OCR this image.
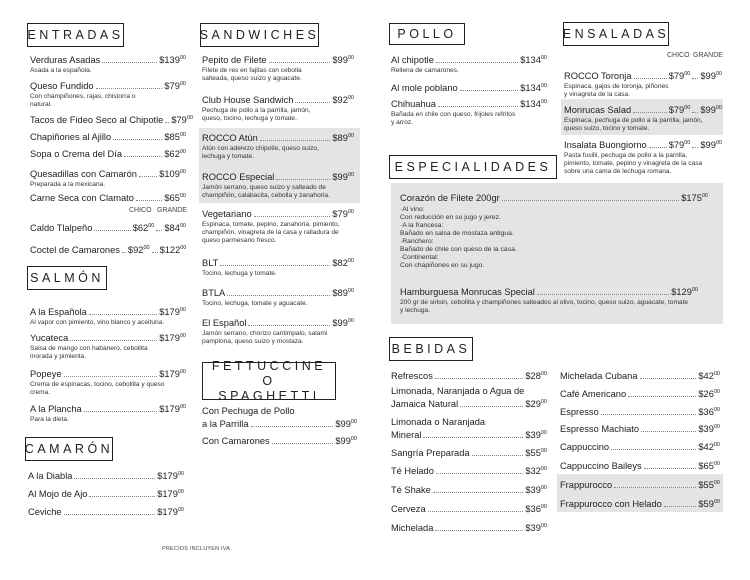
ENTRADAS
Verduras Asadas	$\$139^{00}$
Asada a la española.
Queso Fundido	$\$79^{00}$
Con champiñones, rajas, chistorra o natural.
Tacos de Fideo Seco al Chipotle $\$79^{00}$
Chapiñones al Ajillo	$\$85^{00}$
Sopa o Crema del Día	$\$62^{00}$
Quesadillas con Camarón $\$109^{00}$
Preparada a la mexicana.
Carne Seca con Clamato	$\$65^{00}$
CHICO GRANDE
Caldo Tlalpeño	$\$62^{00}$ $\$84^{00}$
Coctel de Camarones $\$92^{00}$ $\$122^{00}$
SALMÓN
A la Española	$\$179^{00}$
Al vapor con pimiento, vino blanco y aceituna.
Yucateca	$\$179^{00}$
Salsa de mango con habanero, cebollita morada y pimienta.
Popeye	$\$179^{00}$
Crema de espinacas, tocino, cebollita y queso crema.
A la Plancha	$\$179^{00}$
Para la dieta.
CAMARÓN
A la Diabla	$\$179^{00}$
Al Mojo de Ajo	$\$179^{00}$
Ceviche	$\$179^{00}$
PRECIOS INCLUYEN IVA
SANDWICHES
Pepito de Filete	$\$99^{00}$
Filete de res en fajitas con cebolla salteada, queso suizo y aguacate.
Club House Sandwich	$\$92^{00}$
Pechuga de pollo a la parrilla, jamón, queso, tocino, lechuga y tomate.
ROCCO Atún	$\$89^{00}$
Atún con aderezo chipotle, queso suizo, lechuga y tomate.
ROCCO Especial	$\$99^{00}$
Jamón serrano, queso suizo y salteado de champiñón, calabacita, cebolla y zanahoria.
Vegetariano	$\$79^{00}$
Espinaca, tomate, pepino, zanahoria, pimiento, champiñón, vinagreta de la casa y ralladura de queso parmesano fresco.
BLT	$\$82^{00}$
Tocino, lechuga y tomate.
BTLA	$\$89^{00}$
Tocino, lechuga, tomate y aguacate.
El Español	$\$99^{00}$
Jamón serrano, chorizo cantimpalo, salami pamplona, queso suizo y mostaza.
FETTUCCINE O SPAGHETTI
Con Pechuga de Pollo
a la Parrilla	$\$99^{00}$
Con Camarones	$\$99^{00}$
POLLO
Al chipotle	$\$134^{00}$
Rellena de camarones.
Al mole poblano	$\$134^{00}$
Chihuahua	$\$134^{00}$
Bañada en chile con queso, frijoles refritos y arroz.
ENSALADAS
CHICO GRANDE
ROCCO Toronja	$\$79^{00}$ $\$99^{00}$
Espinaca, gajos de toronja, piñones y vinagreta de la casa.
Monrucas Salad	$\$79^{00}$ $\$99^{00}$
Espinaca, pechuga de pollo a la parrilla, jamón, queso suizo, tocino y tomate.
Insalata Buongiorno $\$79^{00}$ $\$99^{00}$
Pasta fusilli, pechuga de pollo a la parrilla, pimiento, tomate, pepino y vinagreta de la casa sobre una cama de lechuga romana.
ESPECIALIDADES
Corazón de Filete 200gr	$\$175^{00}$
·Al vino:
Con reducción en su jugo y jerez.
·A la francesa:
Bañado en salsa de mostaza antigua.
·Ranchero:
Bañado de chile con queso de la casa.
·Continental:
Con chapiñones en su jugo.
Hamburguesa Monrucas Special	$\$129^{00}$
200 gr de sirloin, cebollita y champiñones salteados al olivo, tocino, queso suizo, aguacate, tomate y lechuga.
BEBIDAS
Refrescos	$\$28^{00}$
Limonada, Naranjada o Agua de
Jamaica Natural	$\$29^{00}$
Limonada o Naranjada
Mineral	$\$39^{00}$
Sangría Preparada	$\$55^{00}$
Té Helado	$\$32^{00}$
Té Shake	$\$39^{00}$
Cerveza	$\$36^{00}$
Michelada	$\$39^{00}$
Michelada Cubana	$\$42^{00}$
Café Americano	$\$26^{00}$
Espresso	$\$36^{00}$
Espresso Machiato	$\$39^{00}$
Cappuccino	$\$42^{00}$
Cappuccino Baileys	$\$65^{00}$
Frappurocco	$\$55^{00}$
Frappurocco con Helado	$\$59^{00}$
